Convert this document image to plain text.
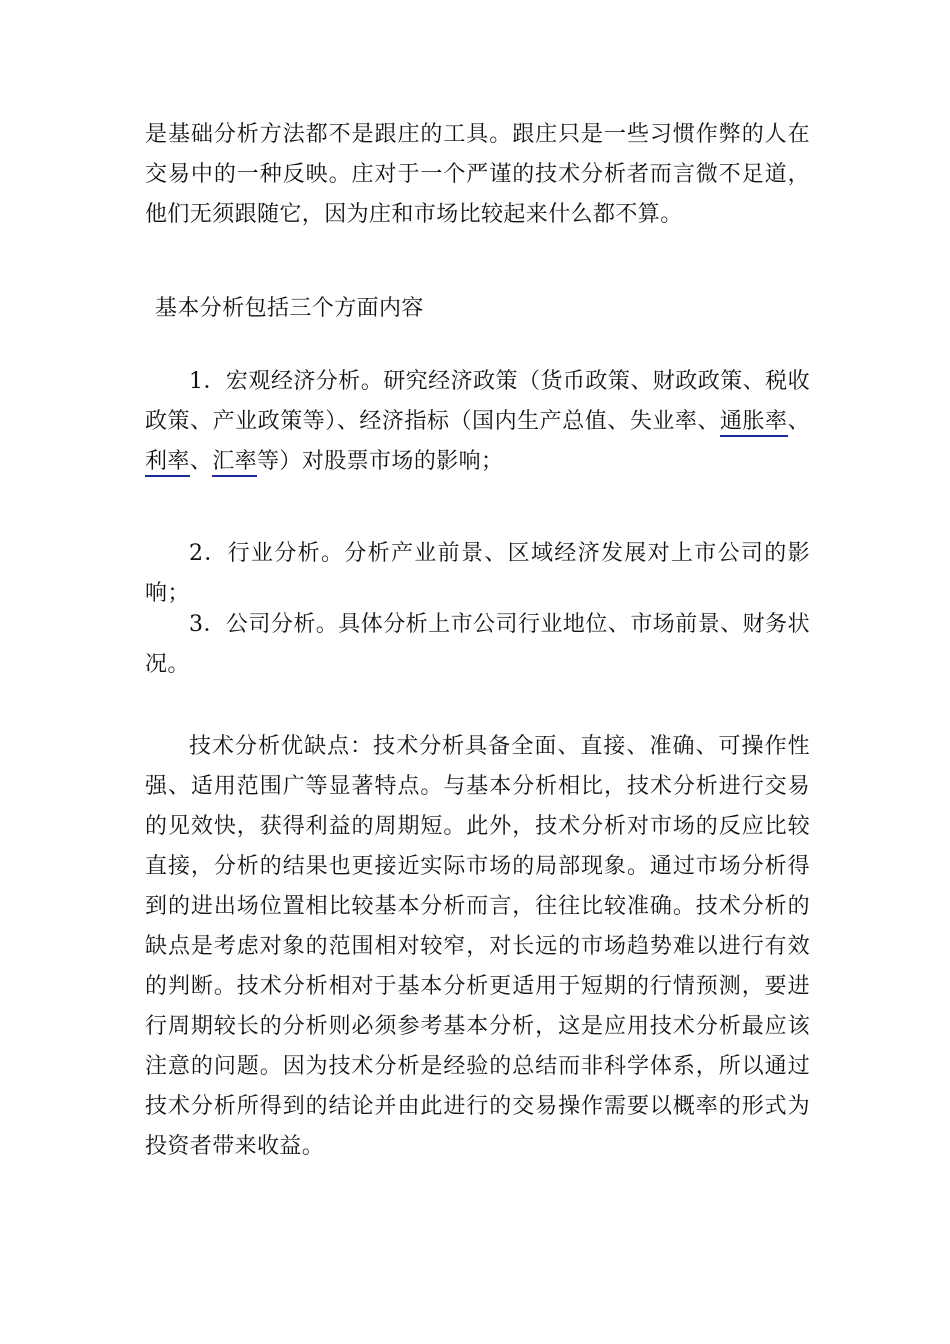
是基础分析方法都不是跟庄的工具。跟庄只是一些习惯作弊的人在交易中的一种反映。庄对于一个严谨的技术分析者而言微不足道，他们无须跟随它，因为庄和市场比较起来什么都不算。

基本分析包括三个方面内容

1．宏观经济分析。研究经济政策（货币政策、财政政策、税收政策、产业政策等）、经济指标（国内生产总值、失业率、通胀率、利率、汇率等）对股票市场的影响；

2．行业分析。分析产业前景、区域经济发展对上市公司的影响；

3．公司分析。具体分析上市公司行业地位、市场前景、财务状况。

技术分析优缺点：技术分析具备全面、直接、准确、可操作性强、适用范围广等显著特点。与基本分析相比，技术分析进行交易的见效快，获得利益的周期短。此外，技术分析对市场的反应比较直接，分析的结果也更接近实际市场的局部现象。通过市场分析得到的进出场位置相比较基本分析而言，往往比较准确。技术分析的缺点是考虑对象的范围相对较窄，对长远的市场趋势难以进行有效的判断。技术分析相对于基本分析更适用于短期的行情预测，要进行周期较长的分析则必须参考基本分析，这是应用技术分析最应该注意的问题。因为技术分析是经验的总结而非科学体系，所以通过技术分析所得到的结论并由此进行的交易操作需要以概率的形式为投资者带来收益。
